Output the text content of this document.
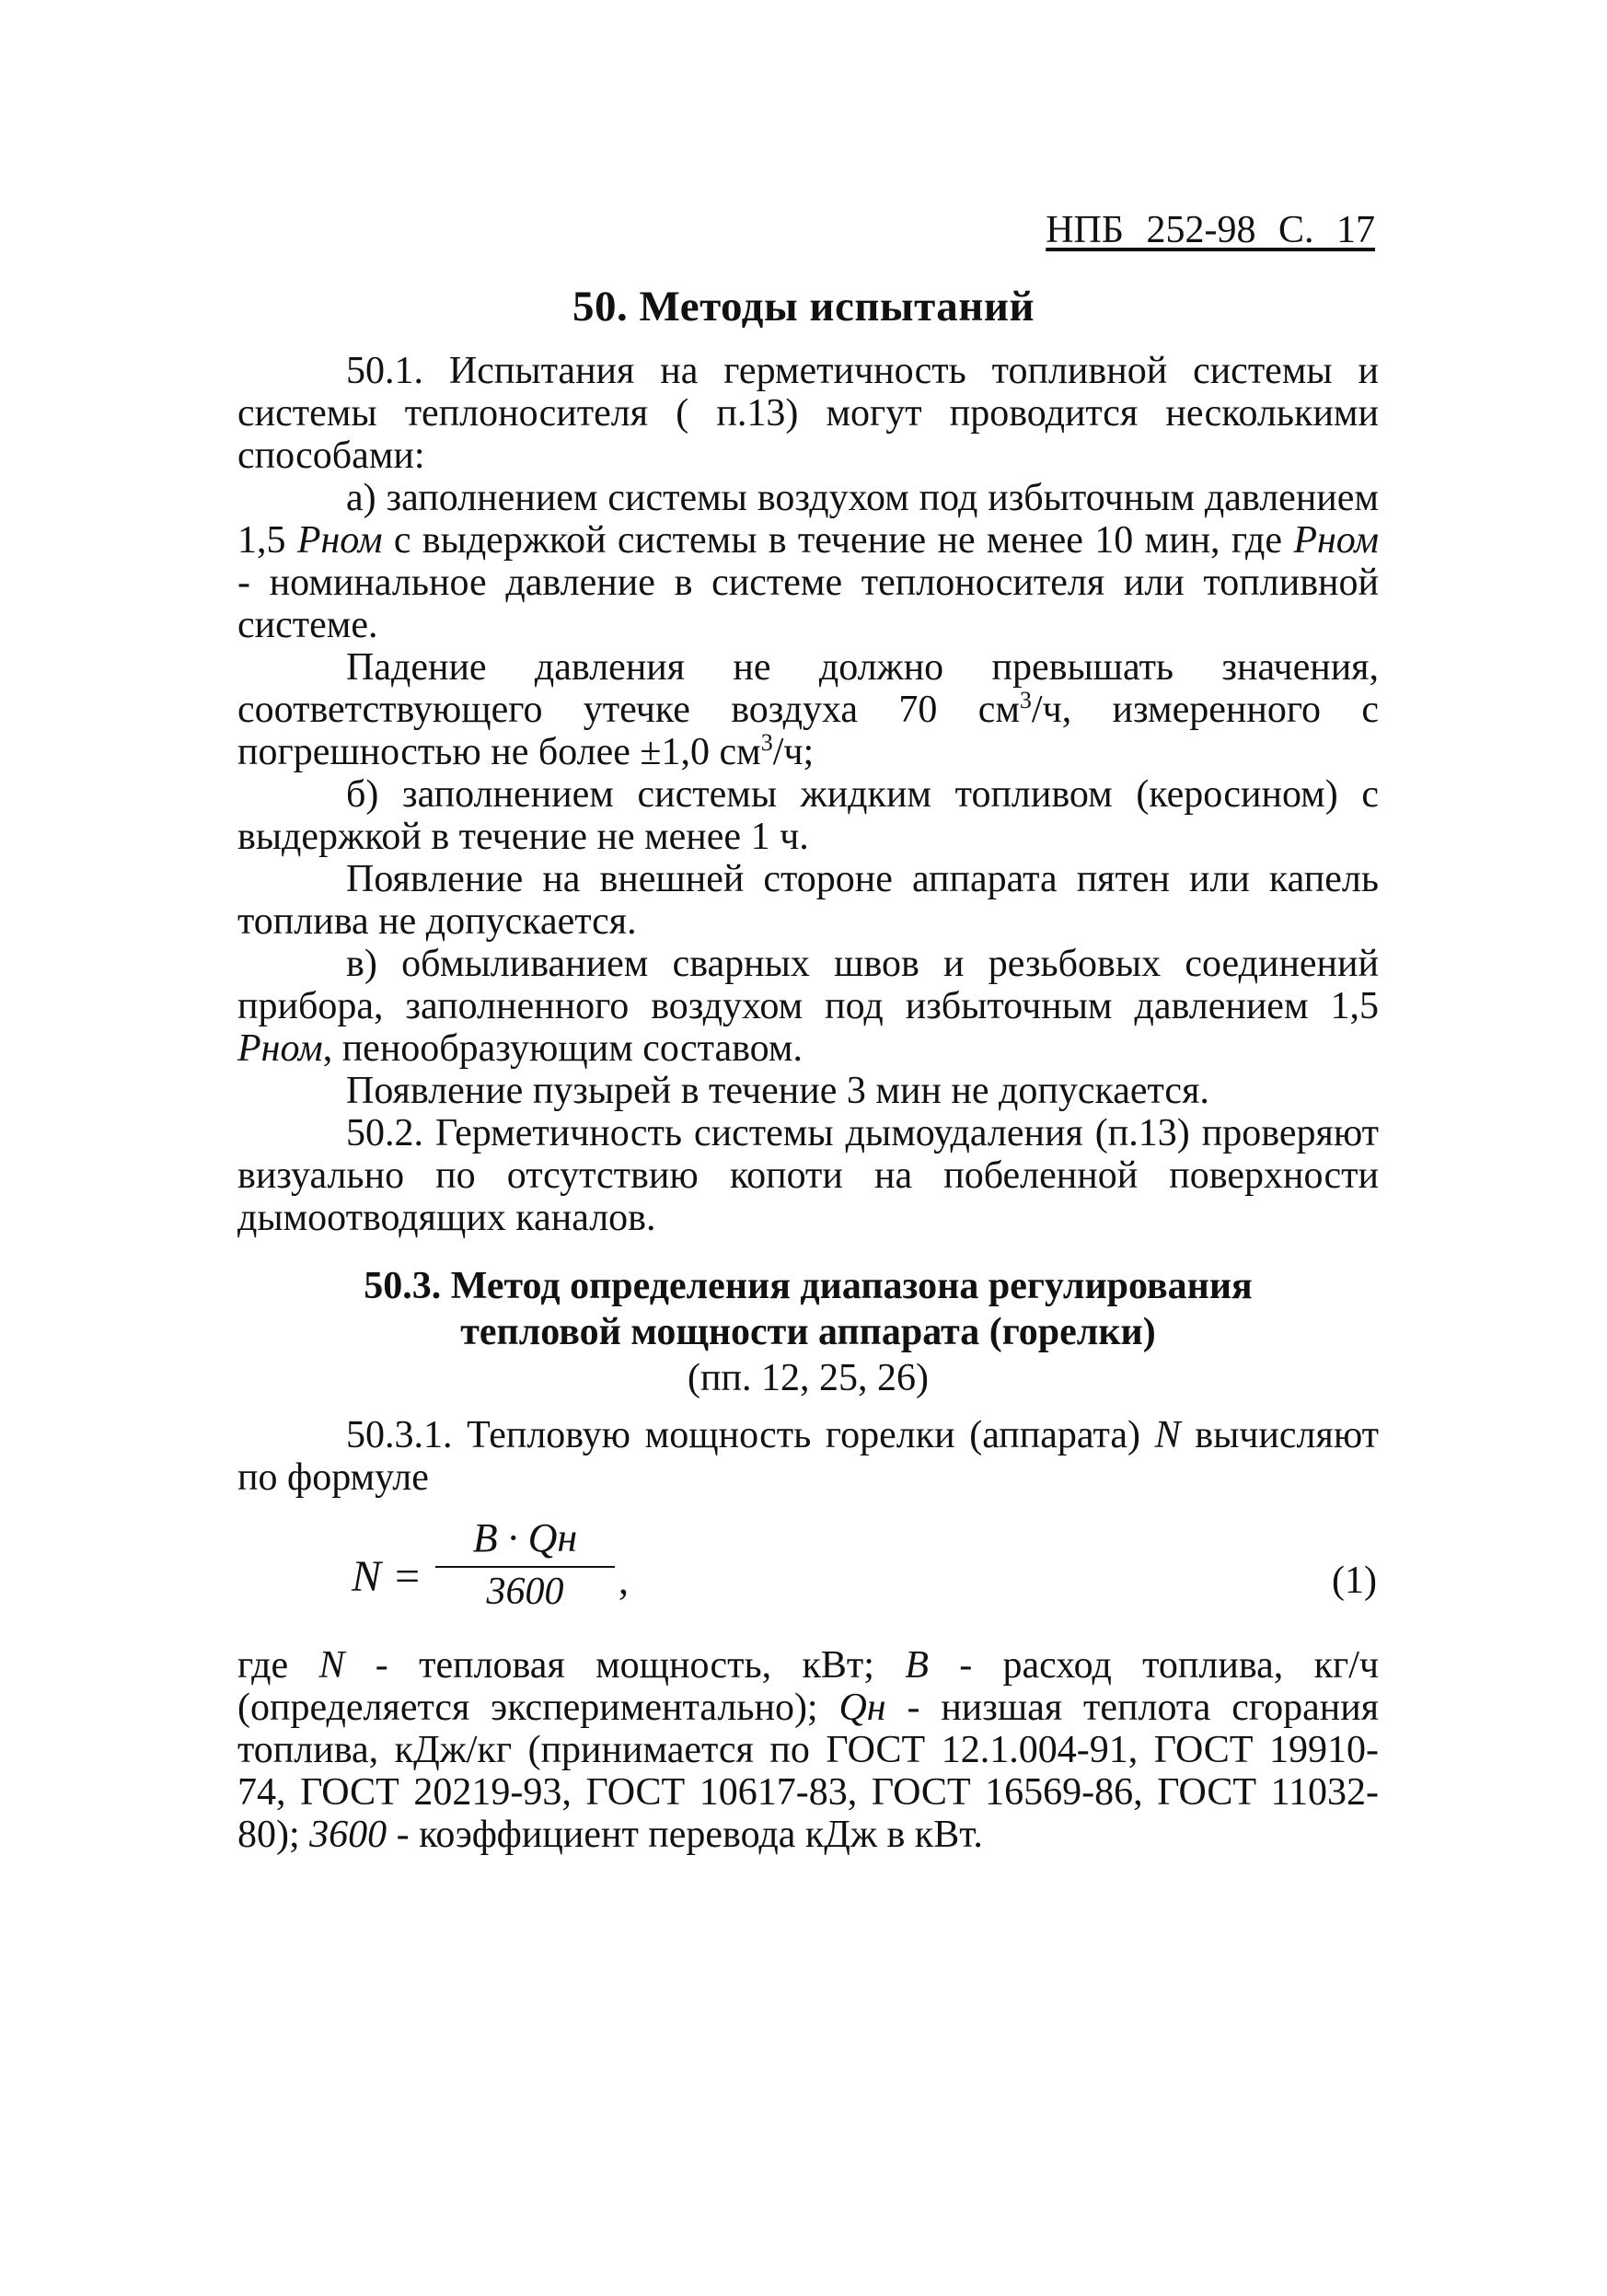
НПБ 252-98 С. 17
50. Методы испытаний

50.1. Испытания на герметичность топливной системы и системы теплоносителя ( п.13) могут проводится несколькими способами:

а) заполнением системы воздухом под избыточным давлением 1,5 Pном с выдержкой системы в течение не менее 10 мин, где Pном - номинальное давление в системе теплоносителя или топливной системе.

Падение давления не должно превышать значения, соответствующего утечке воздуха 70 $см^3/ч$, измеренного с погрешностью не более ±1,0 $см^3/ч$;

б) заполнением системы жидким топливом (керосином) с выдержкой в течение не менее 1 ч.

Появление на внешней стороне аппарата пятен или капель топлива не допускается.

в) обмыливанием сварных швов и резьбовых соединений прибора, заполненного воздухом под избыточным давлением 1,5 Pном, пенообразующим составом.

Появление пузырей в течение 3 мин не допускается.

50.2. Герметичность системы дымоудаления (п.13) проверяют визуально по отсутствию копоти на побеленной поверхности дымоотводящих каналов.

50.3. Метод определения диапазона регулирования
тепловой мощности аппарата (горелки)
(пп. 12, 25, 26)

50.3.1. Тепловую мощность горелки (аппарата) N вычисляют по формуле

N =
B · Qн
3600	,	(1)

где N - тепловая мощность, кВт; B - расход топлива, кг/ч (определяется экспериментально); Qн - низшая теплота сгорания топлива, кДж/кг (принимается по ГОСТ 12.1.004-91, ГОСТ 19910-74, ГОСТ 20219-93, ГОСТ 10617-83, ГОСТ 16569-86, ГОСТ 11032-80); 3600 - коэффициент перевода кДж в кВт.
